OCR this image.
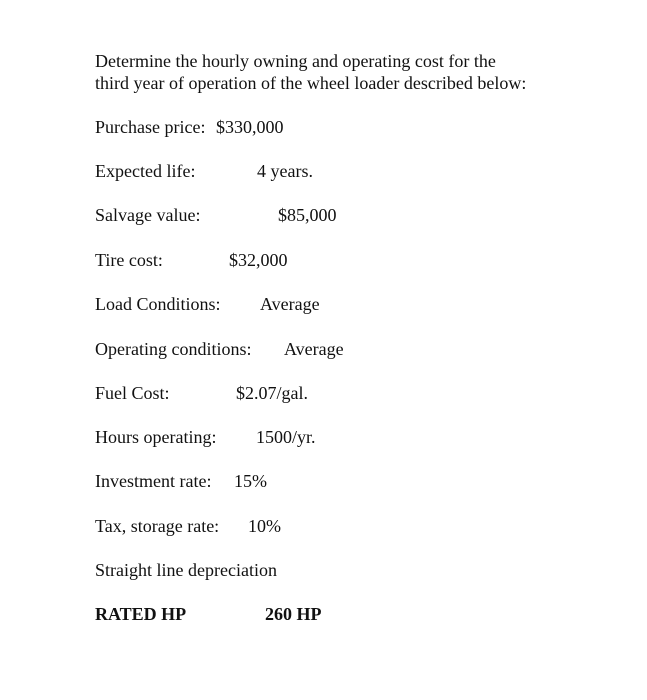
Determine the hourly owning and operating cost for the
third year of operation of the wheel loader described below:
Purchase price: $330,000
Expected life:	4 years.
Salvage value:	$85,000
Tire cost:	$32,000
Load Conditions: Average
Operating conditions: Average
Fuel Cost:	$2.07/gal.
Hours operating: 1500/yr.
Investment rate: 15%
Tax, storage rate: 10%
Straight line depreciation
RATED HP	260 HP
